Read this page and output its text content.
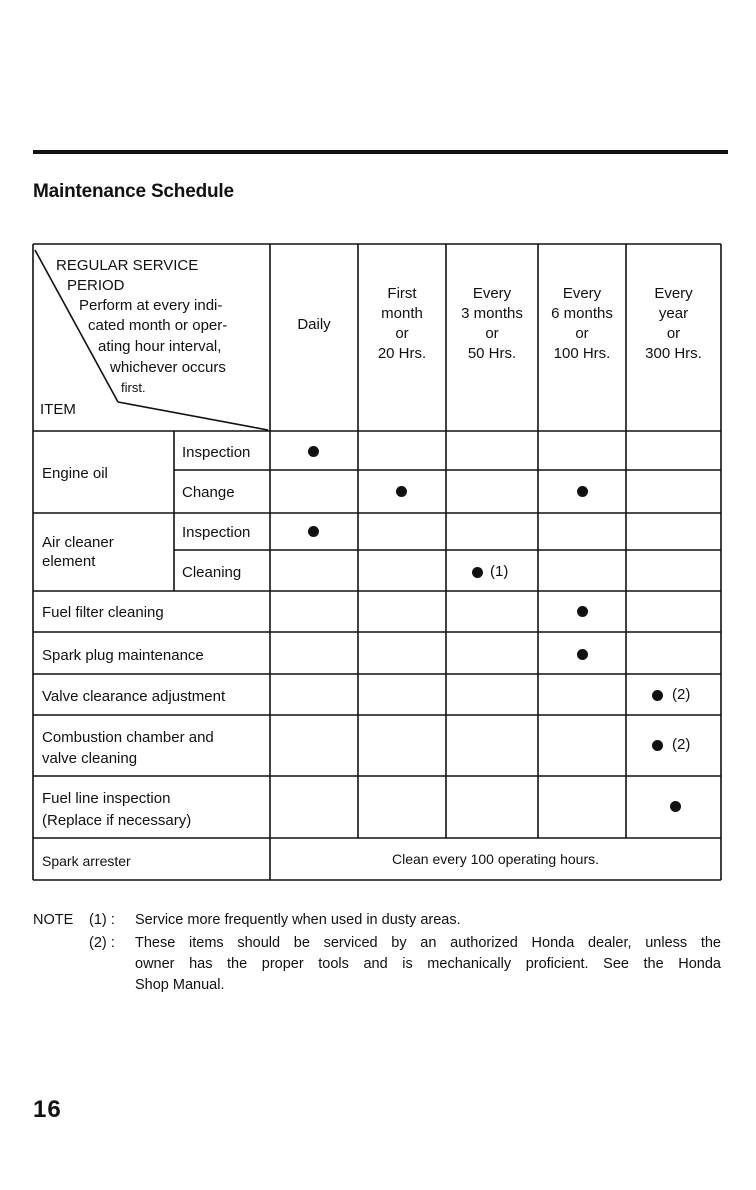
Maintenance Schedule
REGULAR SERVICE
PERIOD
Perform at every indi-
cated month or oper-
ating hour interval,
whichever occurs
first.
ITEM
Daily
First
month
or
20 Hrs.
Every
3 months
or
50 Hrs.
Every
6 months
or
100 Hrs.
Every
year
or
300 Hrs.
Engine oil
Inspection
Change
Air cleaner
element
Inspection
Cleaning
Fuel filter cleaning
Spark plug maintenance
Valve clearance adjustment
Combustion chamber and
valve cleaning
Fuel line inspection
(Replace if necessary)
Spark arrester	Clean every 100 operating hours.
(1)
(2)
(2)
NOTE (1) : Service more frequently when used in dusty areas.
(2) : These items should be serviced by an authorized Honda dealer, unless the
owner has the proper tools and is mechanically proficient. See the Honda
Shop Manual.
16
